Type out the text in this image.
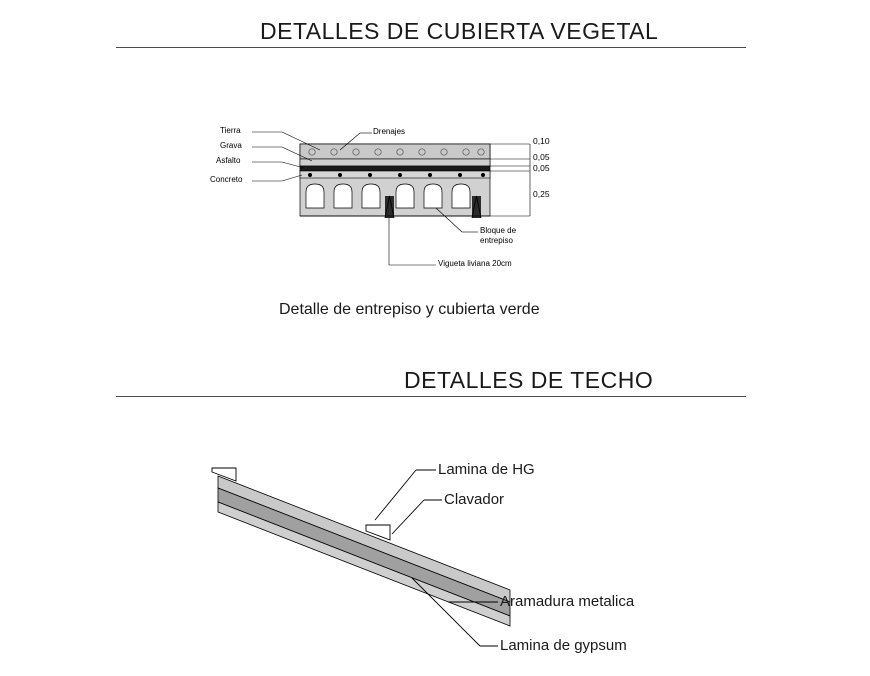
DETALLES DE CUBIERTA VEGETAL
Tierra
Grava
Asfalto
Concreto
Drenajes
Bloque de
entrepiso
Vigueta liviana 20cm
0,10
0,05
0,05
0,25
Detalle de entrepiso y cubierta verde
DETALLES DE TECHO
Lamina de HG
Clavador
Aramadura metalica
Lamina de gypsum
